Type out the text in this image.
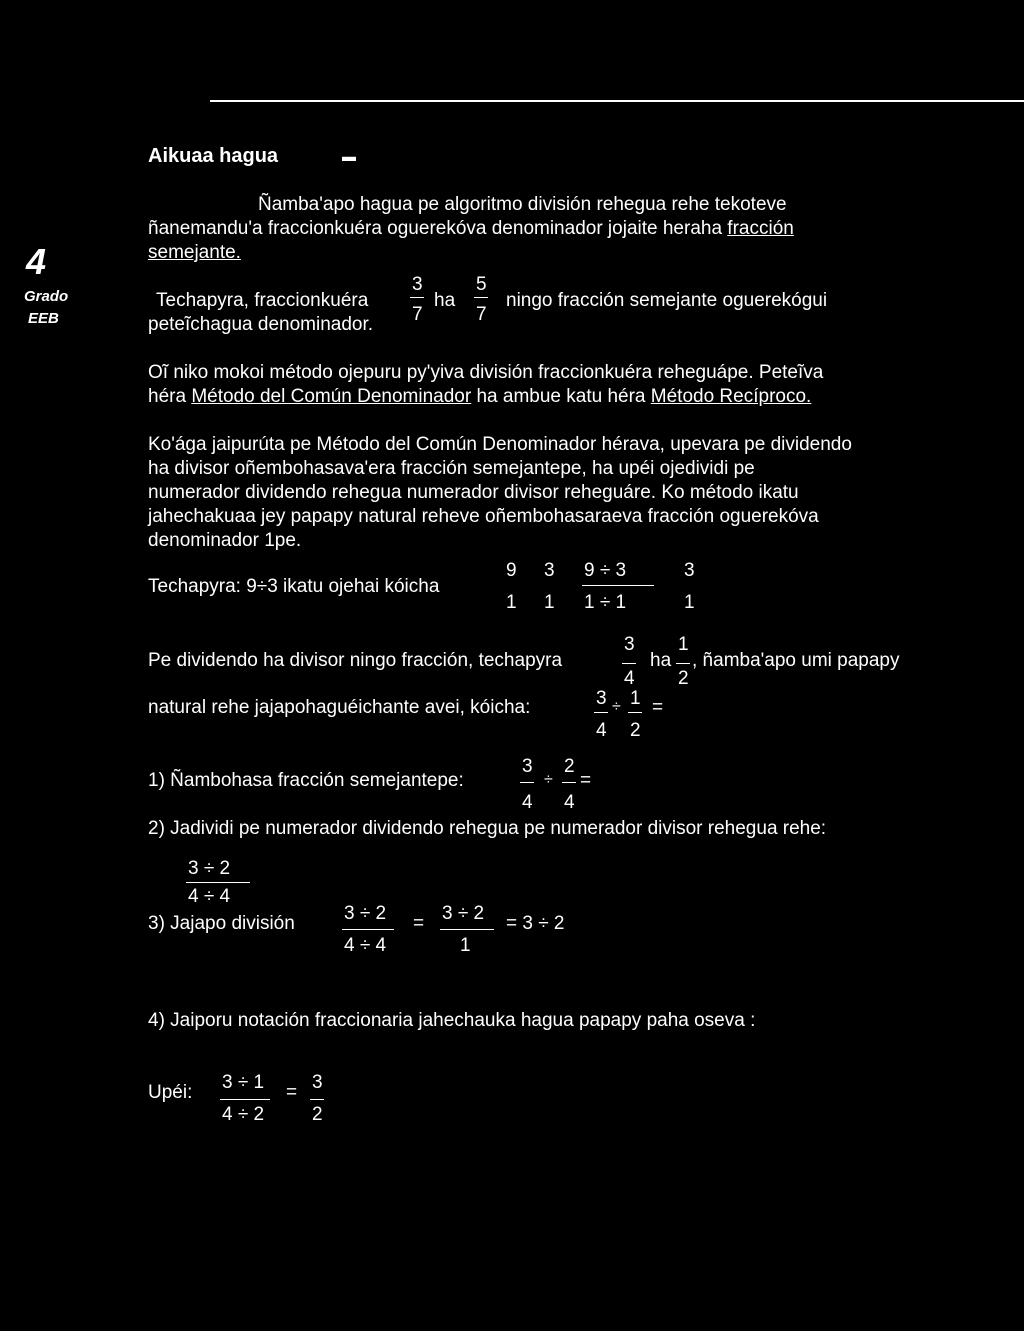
4
Grado
EEB
Aikuaa hagua	▬
Ñamba'apo hagua pe algoritmo división rehegua rehe tekoteve
ñanemandu'a fraccionkuéra oguerekóva denominador jojaite heraha fracción
semejante.
Techapyra, fraccionkuéra
3
7
ha
5
7
ningo fracción semejante oguerekógui
peteĩchagua denominador.
Oĩ niko mokoi método ojepuru py'yiva división fraccionkuéra reheguápe. Peteĩva
héra Método del Común Denominador ha ambue katu héra Método Recíproco.
Ko'ága jaipurúta pe Método del Común Denominador hérava, upevara pe dividendo
ha divisor oñembohasava'era fracción semejantepe, ha upéi ojedividi pe
numerador dividendo rehegua numerador divisor reheguáre. Ko método ikatu
jahechakuaa jey papapy natural reheve oñembohasaraeva fracción oguerekóva
denominador 1pe.
Techapyra: 9÷3 ikatu ojehai kóicha
9
1
3
1
9 ÷ 3
1 ÷ 1
3
1
Pe dividendo ha divisor ningo fracción, techapyra
3
4
ha
1
2
, ñamba'apo umi papapy
natural rehe jajapohaguéichante avei, kóicha:	3
4
÷ 1
2
=
1) Ñambohasa fracción semejantepe:
3
4
÷
2
4
=
2) Jadividi pe numerador dividendo rehegua pe numerador divisor rehegua rehe:
3 ÷ 2
4 ÷ 4
3) Jajapo división	3 ÷ 2
4 ÷ 4
= 3 ÷ 2
1
= 3 ÷ 2
4) Jaiporu notación fraccionaria jahechauka hagua papapy paha oseva :
Upéi: 3 ÷ 1
4 ÷ 2
= 3
2
